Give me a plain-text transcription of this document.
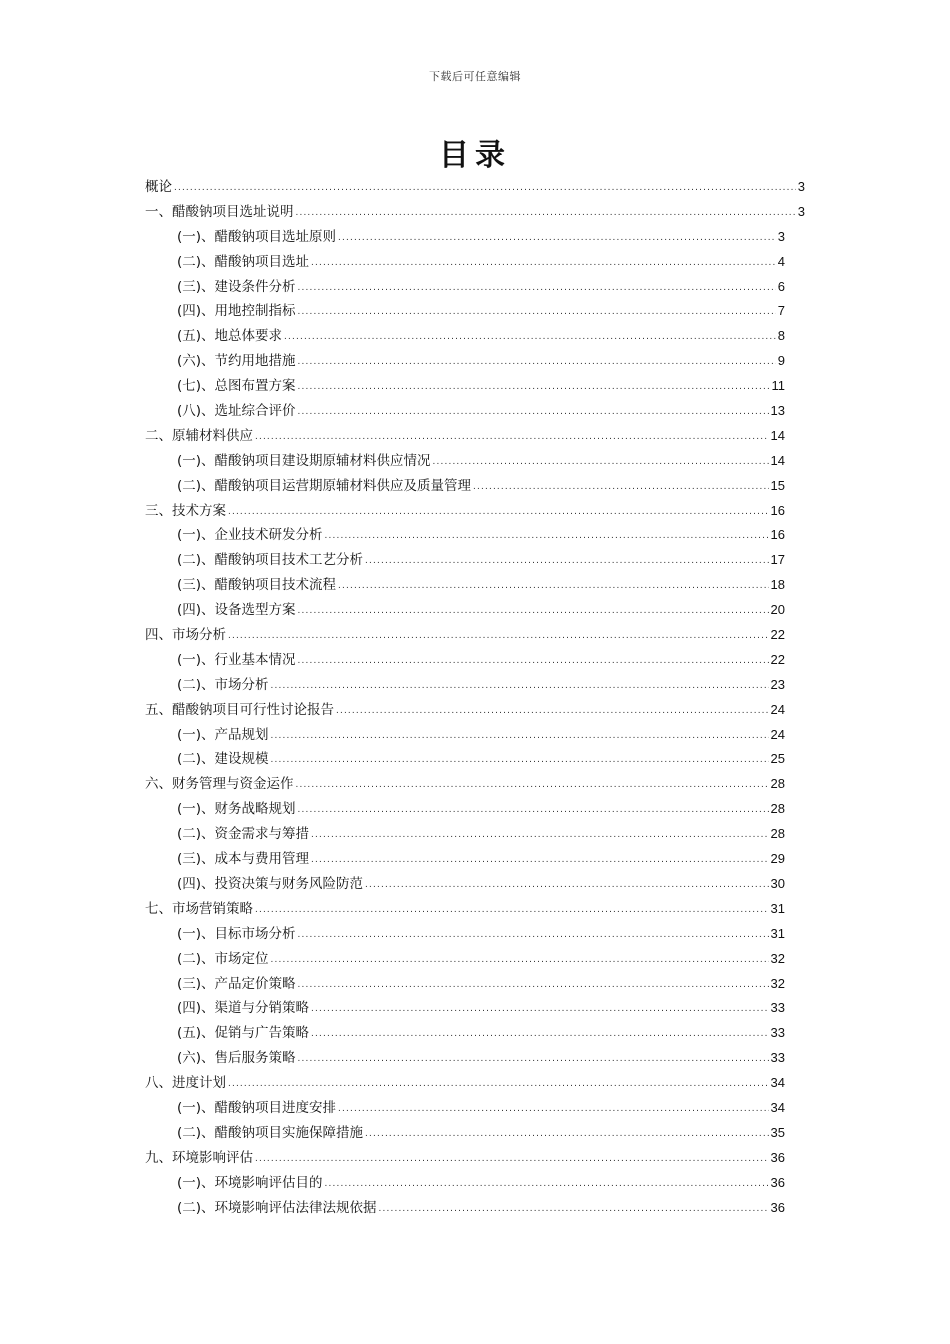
下载后可任意编辑
目录
概论 .....	3
一、醋酸钠项目选址说明 .....	3
(一)、醋酸钠项目选址原则 .....	3
(二)、醋酸钠项目选址 .....	4
(三)、建设条件分析 .....	6
(四)、用地控制指标 .....	7
(五)、地总体要求 .....	8
(六)、节约用地措施 .....	9
(七)、总图布置方案 .....	11
(八)、选址综合评价 .....	13
二、原辅材料供应 .....	14
(一)、醋酸钠项目建设期原辅材料供应情况 .....	14
(二)、醋酸钠项目运营期原辅材料供应及质量管理 .....	15
三、技术方案 .....	16
(一)、企业技术研发分析 .....	16
(二)、醋酸钠项目技术工艺分析 .....	17
(三)、醋酸钠项目技术流程 .....	18
(四)、设备选型方案 .....	20
四、市场分析 .....	22
(一)、行业基本情况 .....	22
(二)、市场分析 .....	23
五、醋酸钠项目可行性讨论报告 .....	24
(一)、产品规划 .....	24
(二)、建设规模 .....	25
六、财务管理与资金运作 .....	28
(一)、财务战略规划 .....	28
(二)、资金需求与筹措 .....	28
(三)、成本与费用管理 .....	29
(四)、投资决策与财务风险防范 .....	30
七、市场营销策略 .....	31
(一)、目标市场分析 .....	31
(二)、市场定位 .....	32
(三)、产品定价策略 .....	32
(四)、渠道与分销策略 .....	33
(五)、促销与广告策略 .....	33
(六)、售后服务策略 .....	33
八、进度计划 .....	34
(一)、醋酸钠项目进度安排 .....	34
(二)、醋酸钠项目实施保障措施 .....	35
九、环境影响评估 .....	36
(一)、环境影响评估目的 .....	36
(二)、环境影响评估法律法规依据 .....	36
